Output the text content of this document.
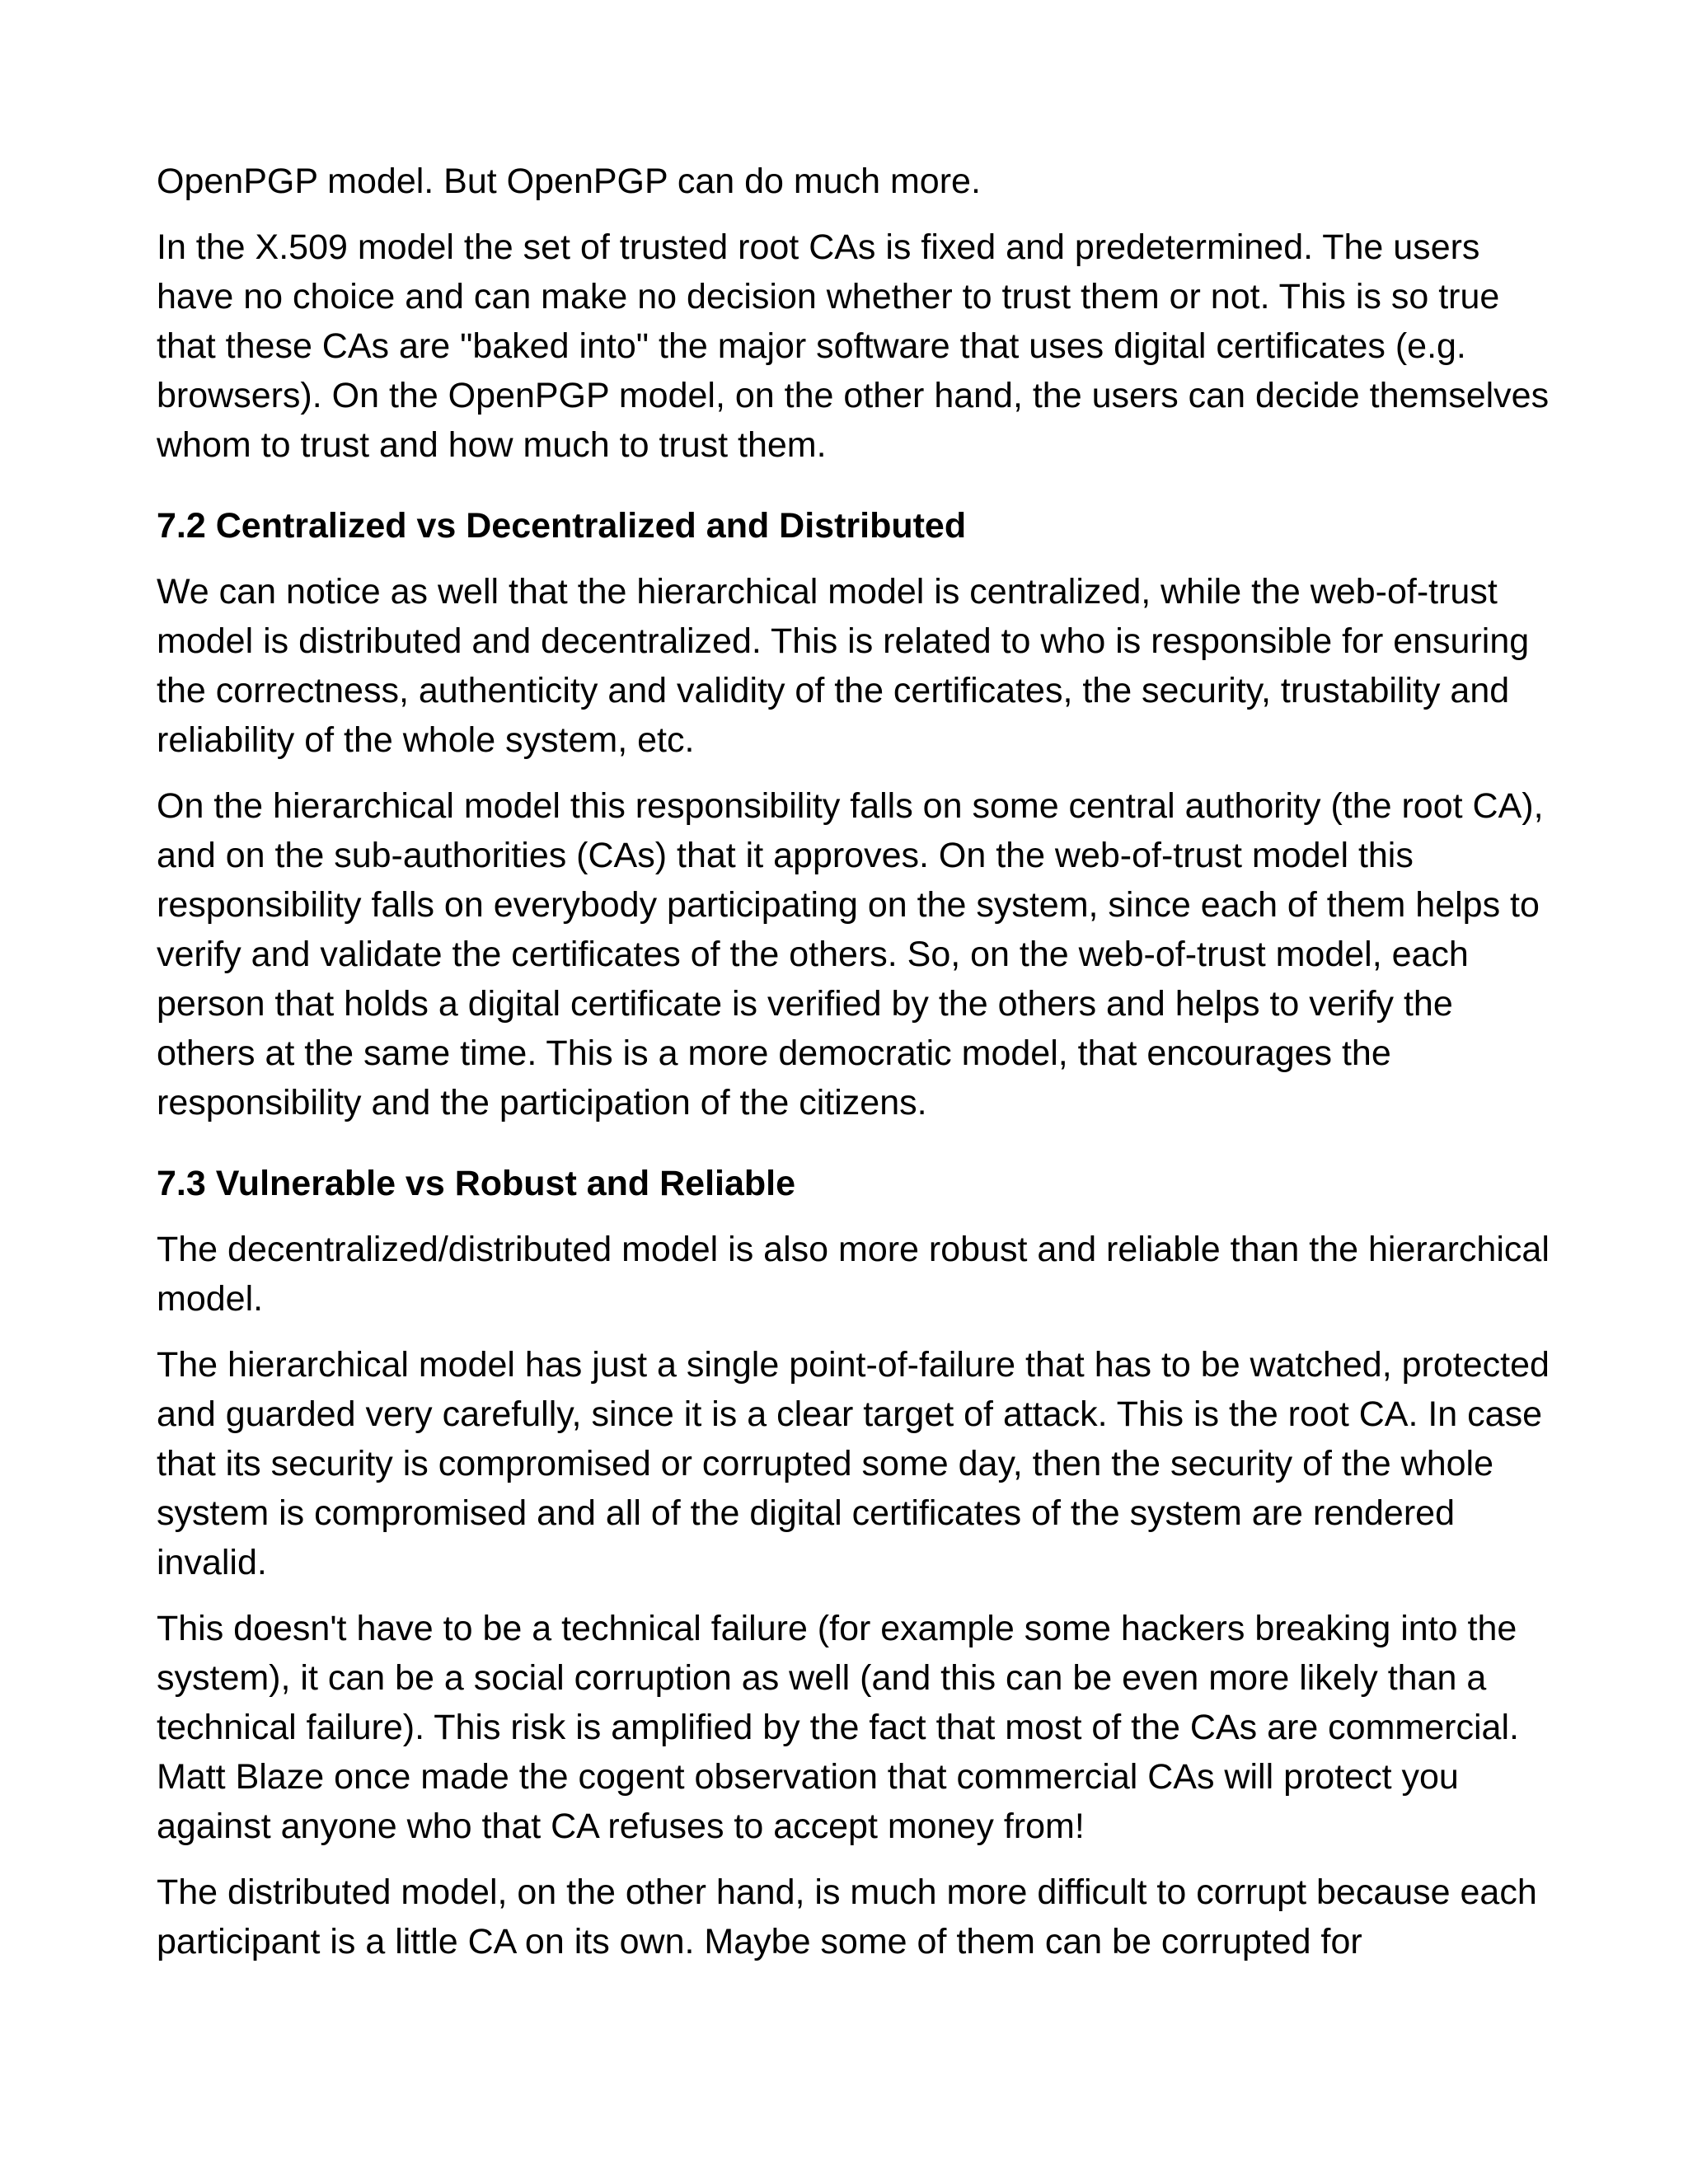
OpenPGP model. But OpenPGP can do much more.

In the X.509 model the set of trusted root CAs is fixed and predetermined. The users have no choice and can make no decision whether to trust them or not. This is so true that these CAs are "baked into" the major software that uses digital certificates (e.g. browsers). On the OpenPGP model, on the other hand, the users can decide themselves whom to trust and how much to trust them.

7.2 Centralized vs Decentralized and Distributed

We can notice as well that the hierarchical model is centralized, while the web-of-trust model is distributed and decentralized. This is related to who is responsible for ensuring the correctness, authenticity and validity of the certificates, the security, trustability and reliability of the whole system, etc.

On the hierarchical model this responsibility falls on some central authority (the root CA), and on the sub-authorities (CAs) that it approves. On the web-of-trust model this responsibility falls on everybody participating on the system, since each of them helps to verify and validate the certificates of the others. So, on the web-of-trust model, each person that holds a digital certificate is verified by the others and helps to verify the others at the same time. This is a more democratic model, that encourages the responsibility and the participation of the citizens.

7.3 Vulnerable vs Robust and Reliable

The decentralized/distributed model is also more robust and reliable than the hierarchical model.

The hierarchical model has just a single point-of-failure that has to be watched, protected and guarded very carefully, since it is a clear target of attack. This is the root CA. In case that its security is compromised or corrupted some day, then the security of the whole system is compromised and all of the digital certificates of the system are rendered invalid.

This doesn't have to be a technical failure (for example some hackers breaking into the system), it can be a social corruption as well (and this can be even more likely than a technical failure). This risk is amplified by the fact that most of the CAs are commercial. Matt Blaze once made the cogent observation that commercial CAs will protect you against anyone who that CA refuses to accept money from!

The distributed model, on the other hand, is much more difficult to corrupt because each participant is a little CA on its own. Maybe some of them can be corrupted for
